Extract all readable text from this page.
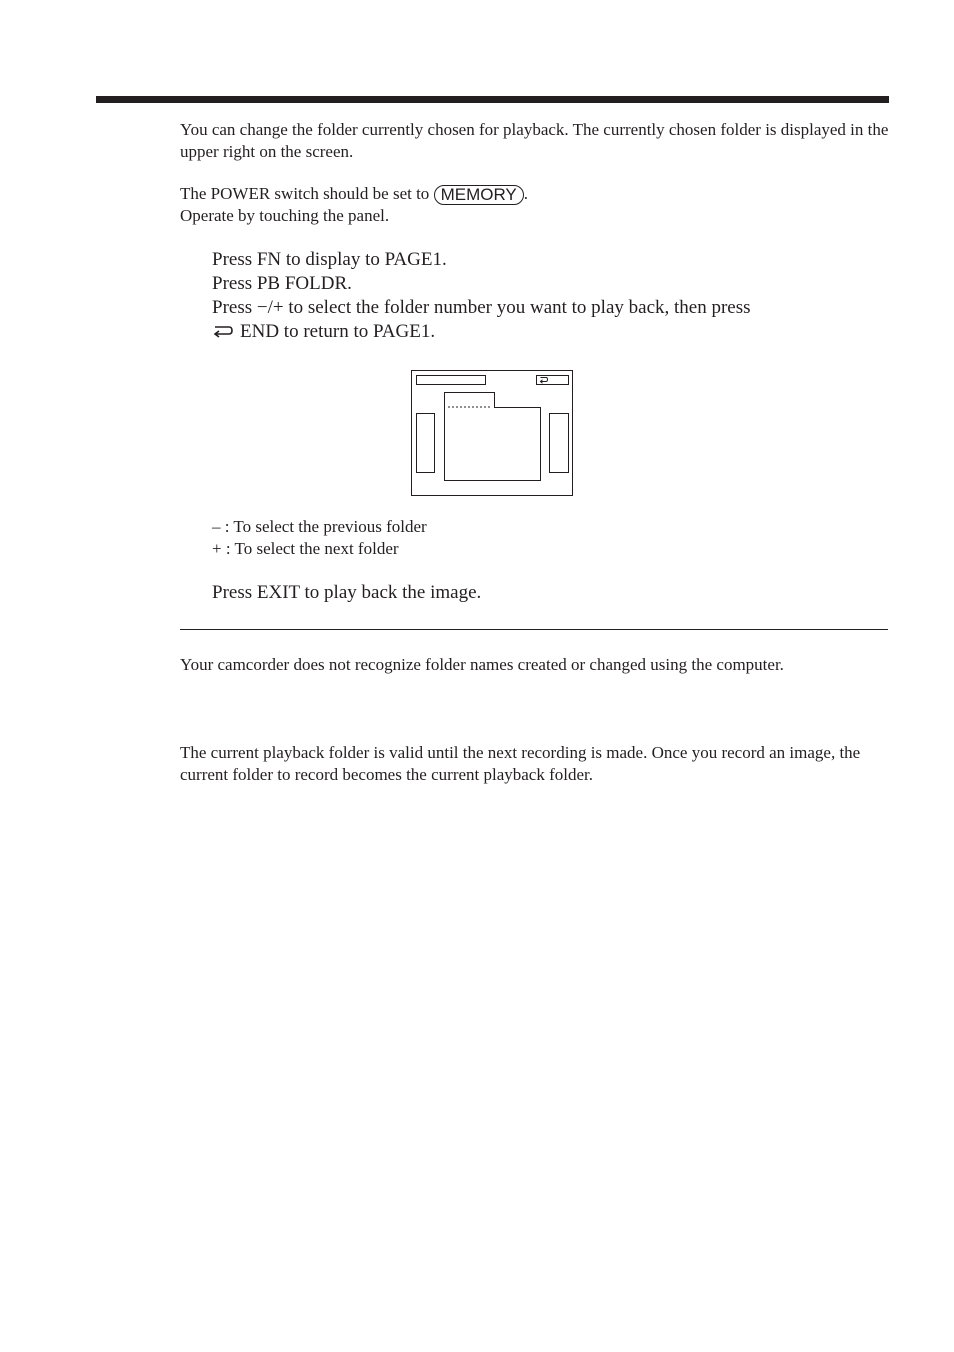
You can change the folder currently chosen for playback. The currently chosen folder is displayed in the upper right on the screen.

The POWER switch should be set to MEMORY .

Operate by touching the panel.

Press FN to display to PAGE1.

Press PB FOLDR.

Press −/+ to select the folder number you want to play back, then press

END to return to PAGE1.

– : To select the previous folder

+ : To select the next folder

Press EXIT to play back the image.

Your camcorder does not recognize folder names created or changed using the computer.

The current playback folder is valid until the next recording is made. Once you record an image, the current folder to record becomes the current playback folder.
